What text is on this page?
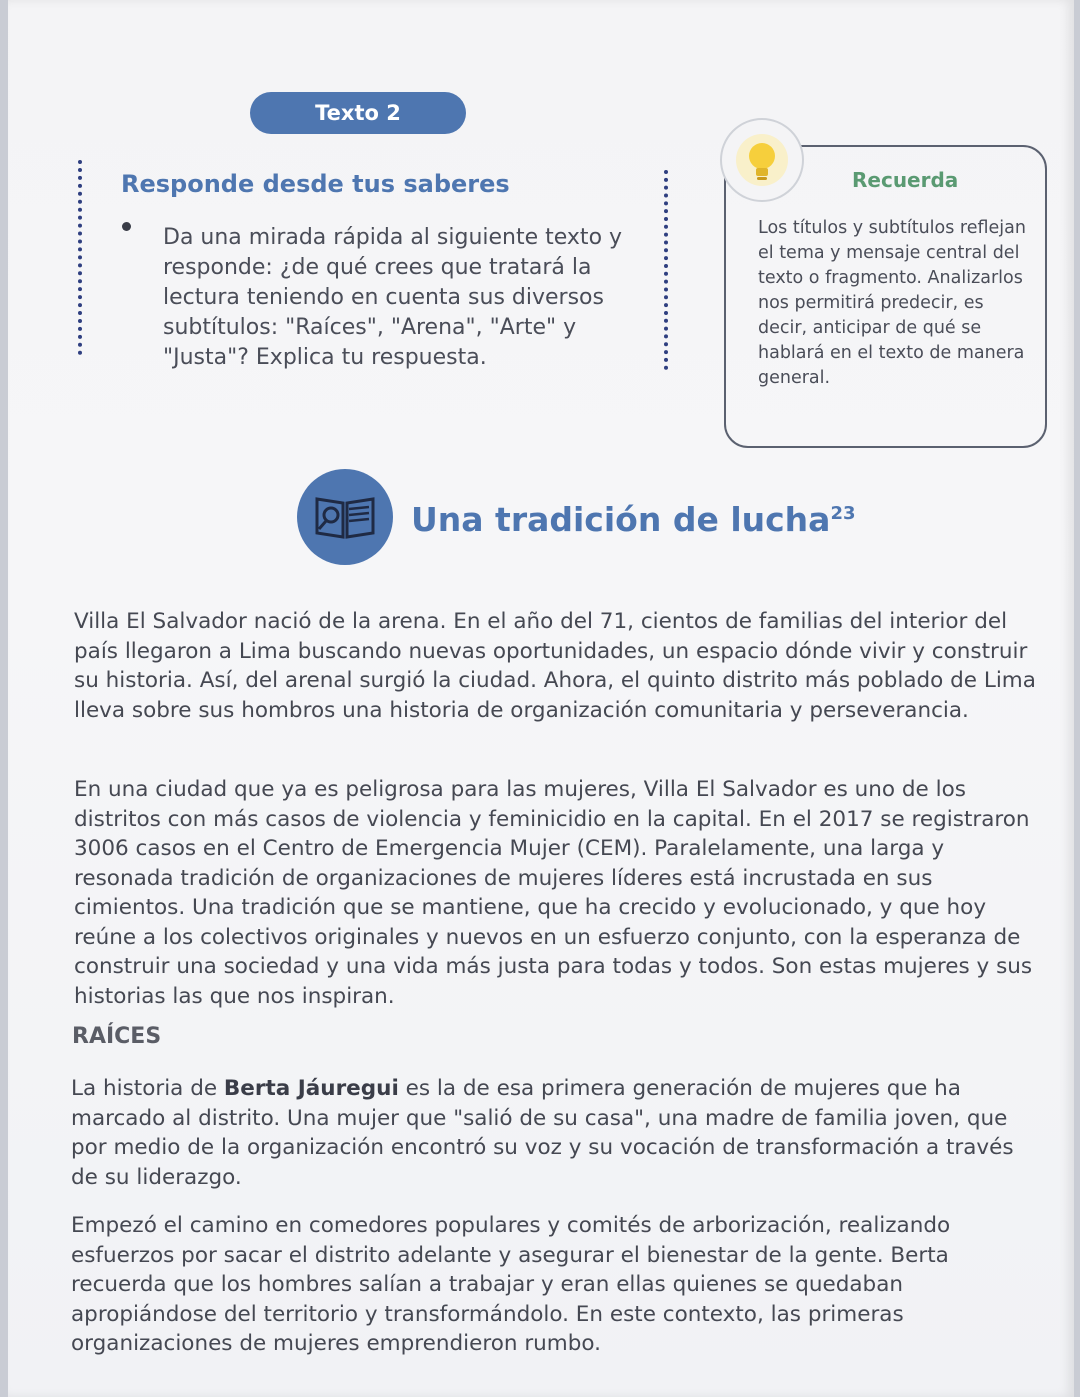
Texto 2
Responde desde tus saberes
Da una mirada rápida al siguiente texto y responde: ¿de qué crees que tratará la lectura teniendo en cuenta sus diversos subtítulos: "Raíces", "Arena", "Arte" y "Justa"? Explica tu respuesta.
Recuerda
Los títulos y subtítulos reflejan el tema y mensaje central del texto o fragmento. Analizarlos nos permitirá predecir, es decir, anticipar de qué se hablará en el texto de manera general.
Una tradición de lucha$^{23}$

Villa El Salvador nació de la arena. En el año del 71, cientos de familias del interior del país llegaron a Lima buscando nuevas oportunidades, un espacio dónde vivir y construir su historia. Así, del arenal surgió la ciudad. Ahora, el quinto distrito más poblado de Lima lleva sobre sus hombros una historia de organización comunitaria y perseverancia.

En una ciudad que ya es peligrosa para las mujeres, Villa El Salvador es uno de los distritos con más casos de violencia y feminicidio en la capital. En el 2017 se registraron 3006 casos en el Centro de Emergencia Mujer (CEM). Paralelamente, una larga y resonada tradición de organizaciones de mujeres líderes está incrustada en sus cimientos. Una tradición que se mantiene, que ha crecido y evolucionado, y que hoy reúne a los colectivos originales y nuevos en un esfuerzo conjunto, con la esperanza de construir una sociedad y una vida más justa para todas y todos. Son estas mujeres y sus historias las que nos inspiran.

RAÍCES

La historia de Berta Jáuregui es la de esa primera generación de mujeres que ha marcado al distrito. Una mujer que "salió de su casa", una madre de familia joven, que por medio de la organización encontró su voz y su vocación de transformación a través de su liderazgo.

Empezó el camino en comedores populares y comités de arborización, realizando esfuerzos por sacar el distrito adelante y asegurar el bienestar de la gente. Berta recuerda que los hombres salían a trabajar y eran ellas quienes se quedaban apropiándose del territorio y transformándolo. En este contexto, las primeras organizaciones de mujeres emprendieron rumbo.
